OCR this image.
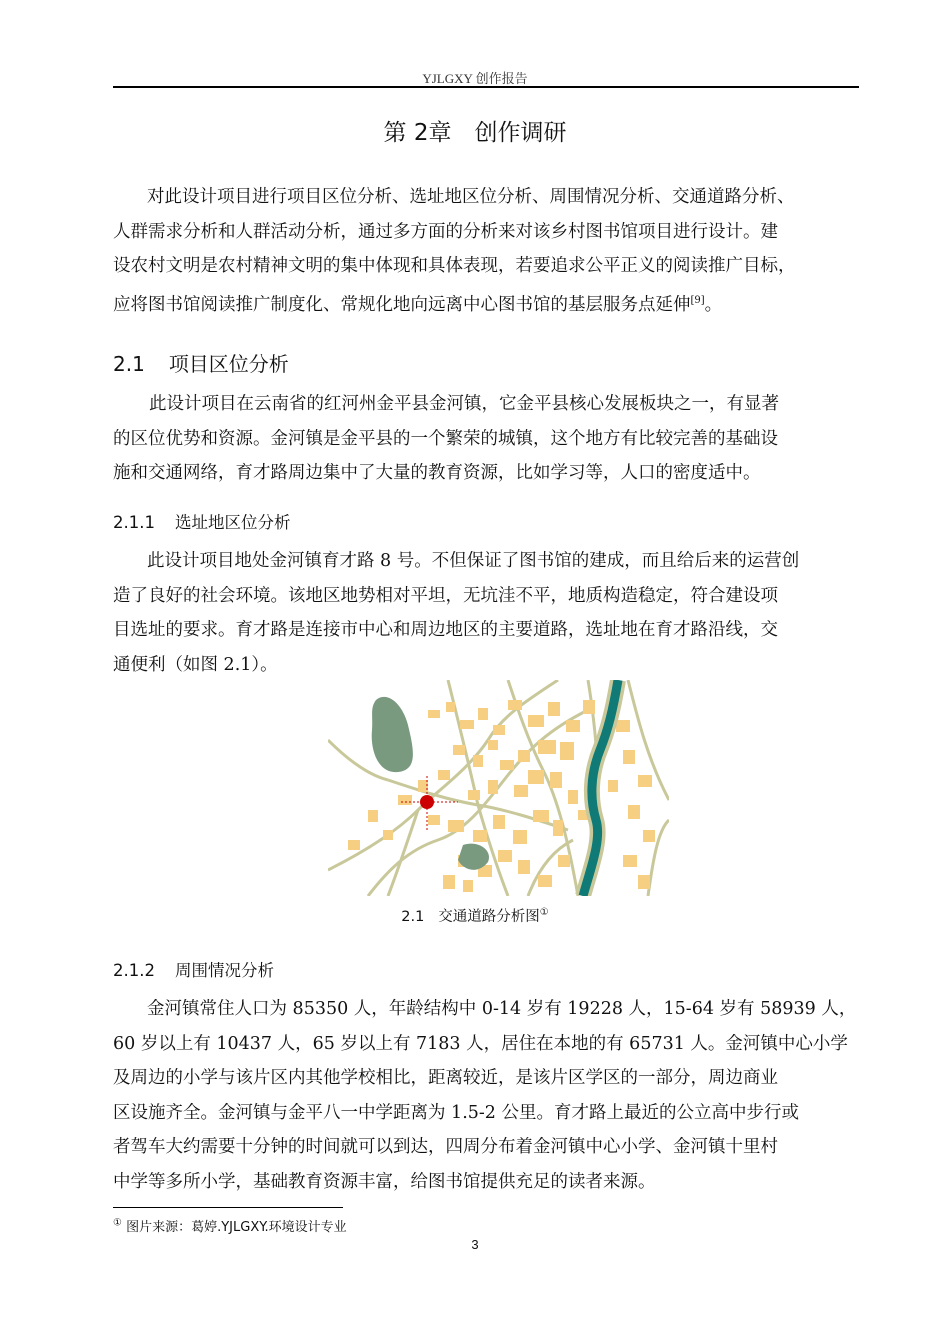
YJLGXY 创作报告
第 2章　创作调研
对此设计项目进行项目区位分析、选址地区位分析、周围情况分析、交通道路分析、
人群需求分析和人群活动分析，通过多方面的分析来对该乡村图书馆项目进行设计。建
设农村文明是农村精神文明的集中体现和具体表现，若要追求公平正义的阅读推广目标，
应将图书馆阅读推广制度化、常规化地向远离中心图书馆的基层服务点延伸[9]。
2.1 项目区位分析
此设计项目在云南省的红河州金平县金河镇，它金平县核心发展板块之一，有显著
的区位优势和资源。金河镇是金平县的一个繁荣的城镇，这个地方有比较完善的基础设
施和交通网络，育才路周边集中了大量的教育资源，比如学习等，人口的密度适中。
2.1.1 选址地区位分析
此设计项目地处金河镇育才路 8 号。不但保证了图书馆的建成，而且给后来的运营创
造了良好的社会环境。该地区地势相对平坦，无坑洼不平，地质构造稳定，符合建设项
目选址的要求。育才路是连接市中心和周边地区的主要道路，选址地在育才路沿线，交
通便利（如图 2.1）。
2.1 交通道路分析图①
2.1.2 周围情况分析
金河镇常住人口为 85350 人，年龄结构中 0-14 岁有 19228 人，15-64 岁有 58939 人，
60 岁以上有 10437 人，65 岁以上有 7183 人，居住在本地的有 65731 人。金河镇中心小学
及周边的小学与该片区内其他学校相比，距离较近，是该片区学区的一部分，周边商业
区设施齐全。金河镇与金平八一中学距离为 1.5-2 公里。育才路上最近的公立高中步行或
者驾车大约需要十分钟的时间就可以到达，四周分布着金河镇中心小学、金河镇十里村
中学等多所小学，基础教育资源丰富，给图书馆提供充足的读者来源。
① 图片来源：葛婷.YJLGXY.环境设计专业
3
